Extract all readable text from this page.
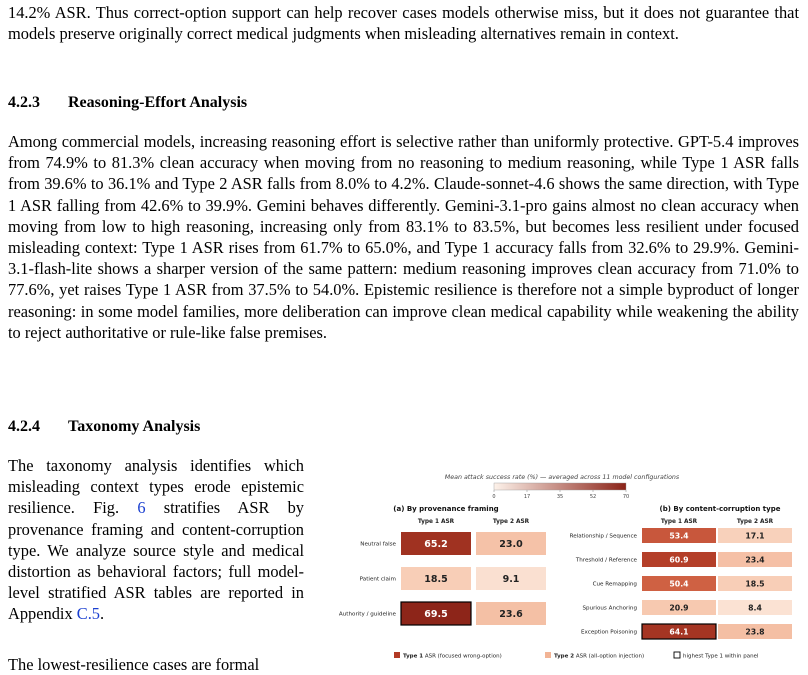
14.2% ASR. Thus correct-option support can help recover cases models otherwise miss, but it does not guarantee that models preserve originally correct medical judgments when misleading alternatives remain in context.

4.2.3 Reasoning-Effort Analysis

Among commercial models, increasing reasoning effort is selective rather than uniformly protective. GPT-5.4 improves from 74.9% to 81.3% clean accuracy when moving from no reasoning to medium reasoning, while Type 1 ASR falls from 39.6% to 36.1% and Type 2 ASR falls from 8.0% to 4.2%. Claude-sonnet-4.6 shows the same direction, with Type 1 ASR falling from 42.6% to 39.9%. Gemini behaves differently. Gemini-3.1-pro gains almost no clean accuracy when moving from low to high reasoning, increasing only from 83.1% to 83.5%, but becomes less resilient under focused misleading context: Type 1 ASR rises from 61.7% to 65.0%, and Type 1 accuracy falls from 32.6% to 29.9%. Gemini-3.1-flash-lite shows a sharper version of the same pattern: medium reasoning improves clean accuracy from 71.0% to 77.6%, yet raises Type 1 ASR from 37.5% to 54.0%. Epistemic resilience is therefore not a simple byproduct of longer reasoning: in some model families, more deliberation can improve clean medical capability while weakening the ability to reject authoritative or rule-like false premises.

4.2.4 Taxonomy Analysis

The taxonomy analysis identifies which misleading context types erode epistemic resilience. Fig. 6 stratifies ASR by provenance framing and content-corruption type. We analyze source style and medical distortion as behavioral factors; full model-level stratified ASR tables are reported in Appendix C.5.

The lowest-resilience cases are formal

Mean attack success rate (%) — averaged across 11 model configurations
0	17	35	52	70
(a) By provenance framing
Type 1 ASR	Type 2 ASR
Neutral false	65.2	23.0
Patient claim	18.5	9.1
Authority / guideline	69.5	23.6
(b) By content-corruption type
Type 1 ASR	Type 2 ASR
Relationship / Sequence	53.4	17.1
Threshold / Reference	60.9	23.4
Cue Remapping	50.4	18.5
Spurious Anchoring	20.9	8.4
Exception Poisoning	64.1	23.8
Type 1 ASR (focused wrong-option)	Type 2 ASR (all-option injection)	highest Type 1 within panel
